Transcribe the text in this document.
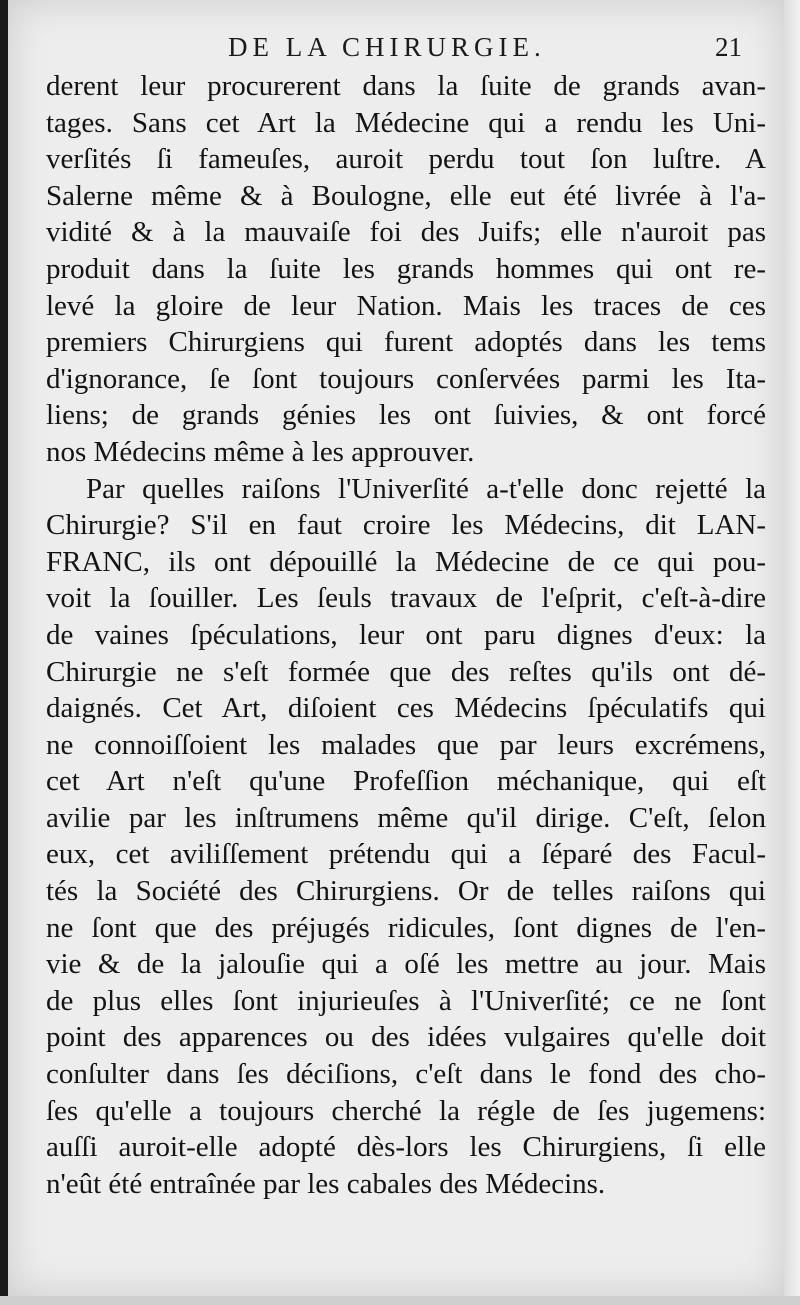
DE LA CHIRURGIE.	21
derent leur procurerent dans la ſuite de grands avan-
tages. Sans cet Art la Médecine qui a rendu les Uni-
verſités ſi fameuſes, auroit perdu tout ſon luſtre. A
Salerne même & à Boulogne, elle eut été livrée à l'a-
vidité & à la mauvaiſe foi des Juifs; elle n'auroit pas
produit dans la ſuite les grands hommes qui ont re-
levé la gloire de leur Nation. Mais les traces de ces
premiers Chirurgiens qui furent adoptés dans les tems
d'ignorance, ſe ſont toujours conſervées parmi les Ita-
liens; de grands génies les ont ſuivies, & ont forcé
nos Médecins même à les approuver.
Par quelles raiſons l'Univerſité a-t'elle donc rejetté la
Chirurgie? S'il en faut croire les Médecins, dit LAN-
FRANC, ils ont dépouillé la Médecine de ce qui pou-
voit la ſouiller. Les ſeuls travaux de l'eſprit, c'eſt-à-dire
de vaines ſpéculations, leur ont paru dignes d'eux: la
Chirurgie ne s'eſt formée que des reſtes qu'ils ont dé-
daignés. Cet Art, diſoient ces Médecins ſpéculatifs qui
ne connoiſſoient les malades que par leurs excrémens,
cet Art n'eſt qu'une Profeſſion méchanique, qui eſt
avilie par les inſtrumens même qu'il dirige. C'eſt, ſelon
eux, cet aviliſſement prétendu qui a ſéparé des Facul-
tés la Société des Chirurgiens. Or de telles raiſons qui
ne ſont que des préjugés ridicules, ſont dignes de l'en-
vie & de la jalouſie qui a oſé les mettre au jour. Mais
de plus elles ſont injurieuſes à l'Univerſité; ce ne ſont
point des apparences ou des idées vulgaires qu'elle doit
conſulter dans ſes déciſions, c'eſt dans le fond des cho-
ſes qu'elle a toujours cherché la régle de ſes jugemens:
auſſi auroit-elle adopté dès-lors les Chirurgiens, ſi elle
n'eût été entraînée par les cabales des Médecins.
